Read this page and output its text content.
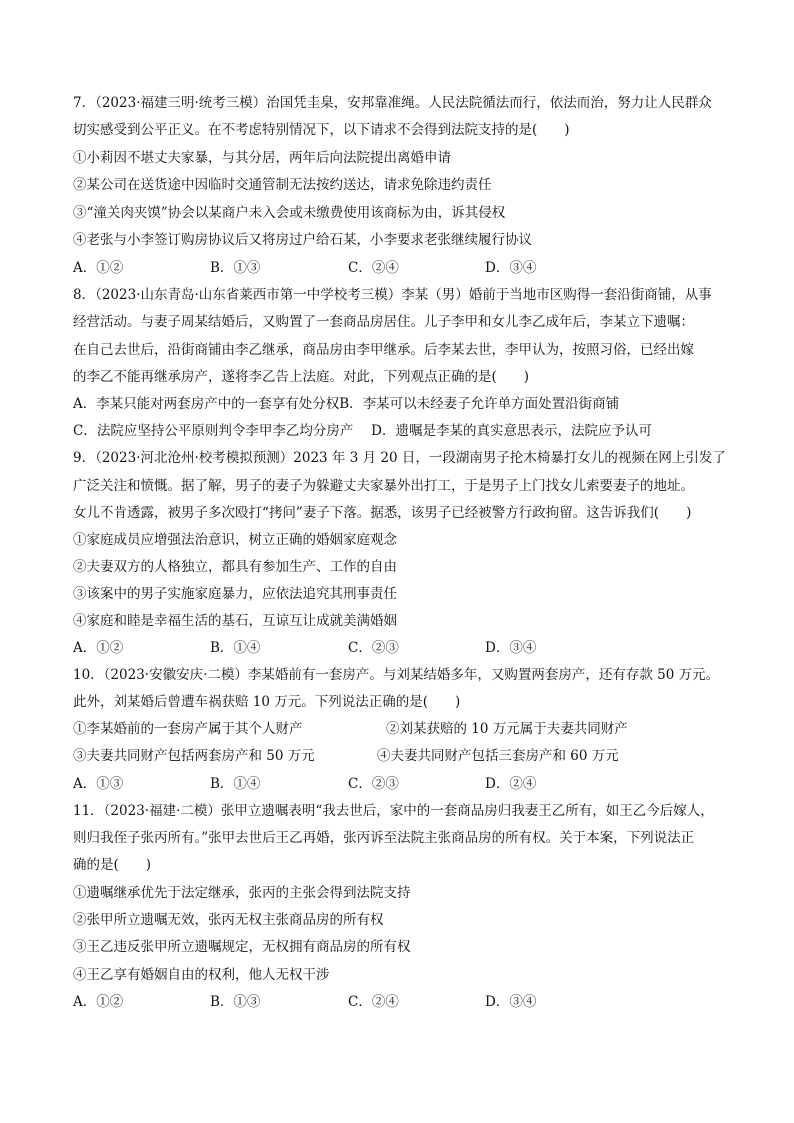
7．（2023·福建三明·统考三模）治国凭圭臬，安邦靠准绳。人民法院循法而行，依法而治，努力让人民群众
切实感受到公平正义。在不考虑特别情况下，以下请求不会得到法院支持的是(　　)
①小莉因不堪丈夫家暴，与其分居，两年后向法院提出离婚申请
②某公司在送货途中因临时交通管制无法按约送达，请求免除违约责任
③“潼关肉夹馍”协会以某商户未入会或未缴费使用该商标为由，诉其侵权
④老张与小李签订购房协议后又将房过户给石某，小李要求老张继续履行协议
A．①②	B．①③	C．②④	D．③④
8．（2023·山东青岛·山东省莱西市第一中学校考三模）李某（男）婚前于当地市区购得一套沿街商铺，从事
经营活动。与妻子周某结婚后，又购置了一套商品房居住。儿子李甲和女儿李乙成年后，李某立下遗嘱：
在自己去世后，沿街商铺由李乙继承，商品房由李甲继承。后李某去世，李甲认为，按照习俗，已经出嫁
的李乙不能再继承房产，遂将李乙告上法庭。对此，下列观点正确的是(　　)
A．李某只能对两套房产中的一套享有处分权B．李某可以未经妻子允许单方面处置沿街商铺
C．法院应坚持公平原则判令李甲李乙均分房产　 D．遗嘱是李某的真实意思表示，法院应予认可
9．（2023·河北沧州·校考模拟预测）2023 年 3 月 20 日，一段湖南男子抡木椅暴打女儿的视频在网上引发了
广泛关注和愤慨。据了解，男子的妻子为躲避丈夫家暴外出打工，于是男子上门找女儿索要妻子的地址。
女儿不肯透露，被男子多次殴打“拷问”妻子下落。据悉，该男子已经被警方行政拘留。这告诉我们(　　)
①家庭成员应增强法治意识，树立正确的婚姻家庭观念
②夫妻双方的人格独立，都具有参加生产、工作的自由
③该案中的男子实施家庭暴力，应依法追究其刑事责任
④家庭和睦是幸福生活的基石，互谅互让成就美满婚姻
A．①②	B．①④	C．②③	D．③④
10．（2023·安徽安庆·二模）李某婚前有一套房产。与刘某结婚多年，又购置两套房产，还有存款 50 万元。
此外，刘某婚后曾遭车祸获赔 10 万元。下列说法正确的是(　　)
①李某婚前的一套房产属于其个人财产	②刘某获赔的 10 万元属于夫妻共同财产
③夫妻共同财产包括两套房产和 50 万元	④夫妻共同财产包括三套房产和 60 万元
A．①③	B．①④	C．②③	D．②④
11．（2023·福建·二模）张甲立遗嘱表明“我去世后，家中的一套商品房归我妻王乙所有，如王乙今后嫁人，
则归我侄子张丙所有。”张甲去世后王乙再婚，张丙诉至法院主张商品房的所有权。关于本案，下列说法正
确的是(　　)
①遗嘱继承优先于法定继承，张丙的主张会得到法院支持
②张甲所立遗嘱无效，张丙无权主张商品房的所有权
③王乙违反张甲所立遗嘱规定，无权拥有商品房的所有权
④王乙享有婚姻自由的权利，他人无权干涉
A．①②	B．①③	C．②④	D．③④
